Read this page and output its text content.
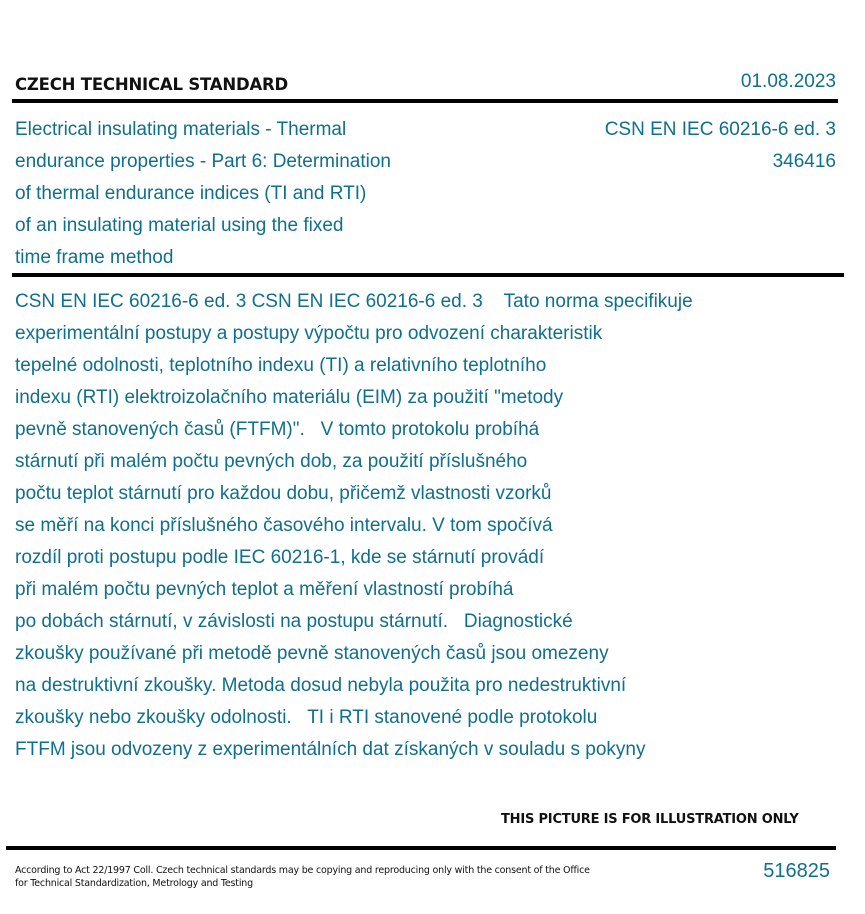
CZECH TECHNICAL STANDARD	01.08.2023
Electrical insulating materials - Thermal
endurance properties - Part 6: Determination
of thermal endurance indices (TI and RTI)
of an insulating material using the fixed
time frame method
CSN EN IEC 60216-6 ed. 3
346416
CSN EN IEC 60216-6 ed. 3 CSN EN IEC 60216-6 ed. 3    Tato norma specifikuje
experimentální postupy a postupy výpočtu pro odvození charakteristik
tepelné odolnosti, teplotního indexu (TI) a relativního teplotního
indexu (RTI) elektroizolačního materiálu (EIM) za použití "metody
pevně stanovených časů (FTFM)".   V tomto protokolu probíhá
stárnutí při malém počtu pevných dob, za použití příslušného
počtu teplot stárnutí pro každou dobu, přičemž vlastnosti vzorků
se měří na konci příslušného časového intervalu. V tom spočívá
rozdíl proti postupu podle IEC 60216-1, kde se stárnutí provádí
při malém počtu pevných teplot a měření vlastností probíhá
po dobách stárnutí, v závislosti na postupu stárnutí.   Diagnostické
zkoušky používané při metodě pevně stanovených časů jsou omezeny
na destruktivní zkoušky. Metoda dosud nebyla použita pro nedestruktivní
zkoušky nebo zkoušky odolnosti.   TI i RTI stanovené podle protokolu
FTFM jsou odvozeny z experimentálních dat získaných v souladu s pokyny
THIS PICTURE IS FOR ILLUSTRATION ONLY
According to Act 22/1997 Coll. Czech technical standards may be copying and reproducing only with the consent of the Office
for Technical Standardization, Metrology and Testing
516825
